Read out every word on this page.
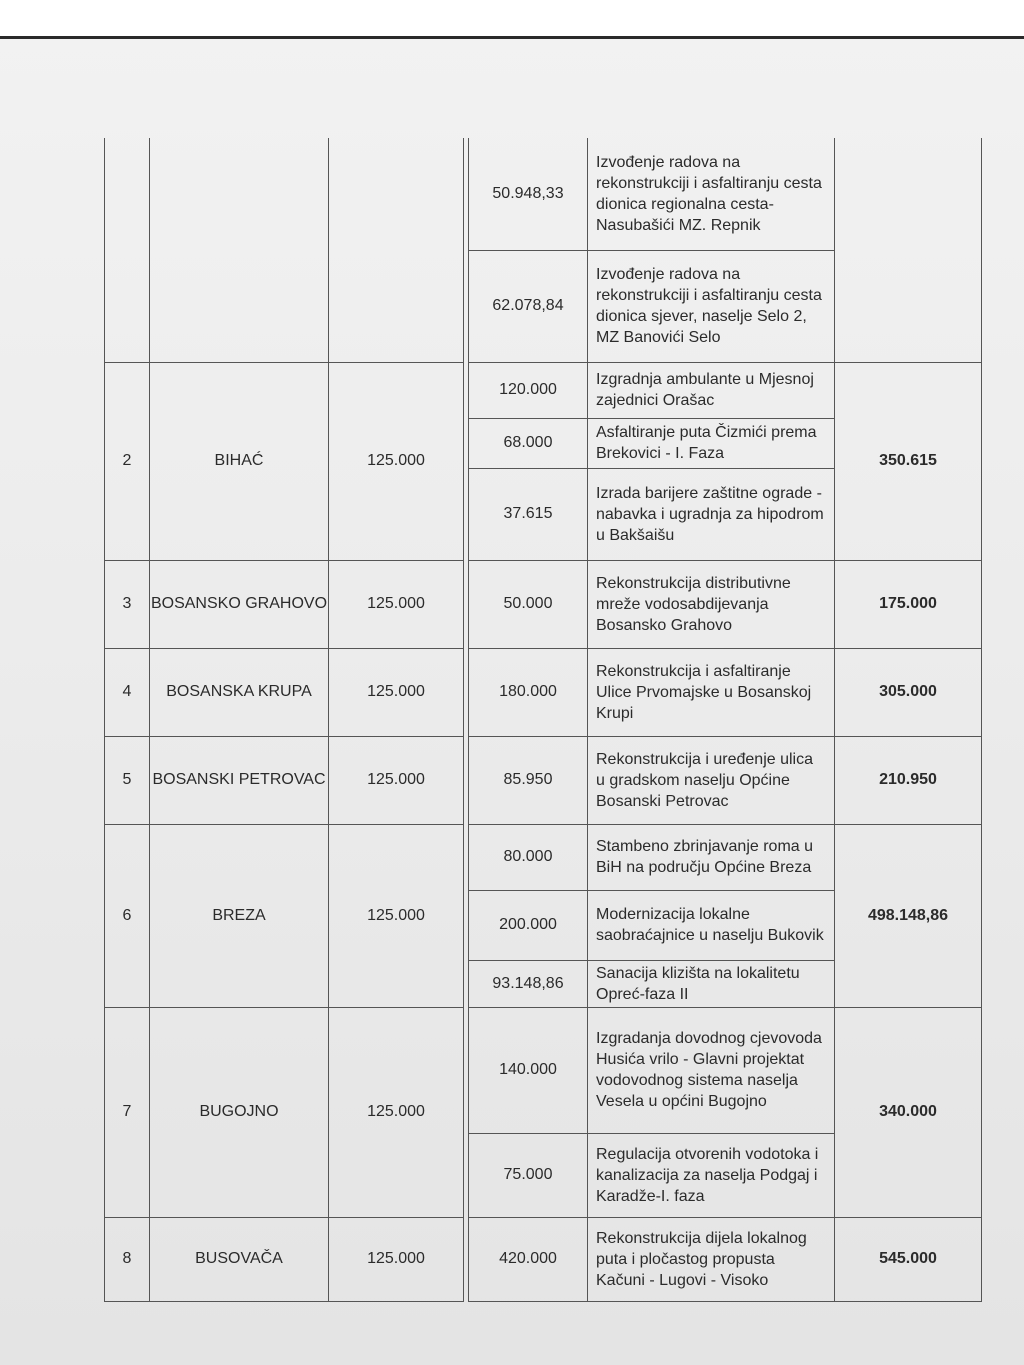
				50.948,33	Izvođenje radova na rekonstrukciji i asfaltiranju cesta dionica regionalna cesta-Nasubašići MZ. Repnik	
				62.078,84	Izvođenje radova na rekonstrukciji i asfaltiranju cesta dionica sjever, naselje Selo 2, MZ Banovići Selo	
2	BIHAĆ	125.000		120.000	Izgradnja ambulante u Mjesnoj zajednici Orašac	350.615
				68.000	Asfaltiranje puta Čizmići prema Brekovici - I. Faza	
				37.615	Izrada barijere zaštitne ograde - nabavka i ugradnja za hipodrom u Bakšaišu	
3	BOSANSKO GRAHOVO	125.000		50.000	Rekonstrukcija distributivne mreže vodosabdijevanja Bosansko Grahovo	175.000
4	BOSANSKA KRUPA	125.000		180.000	Rekonstrukcija i asfaltiranje Ulice Prvomajske u Bosanskoj Krupi	305.000
5	BOSANSKI PETROVAC	125.000		85.950	Rekonstrukcija i uređenje ulica u gradskom naselju Općine Bosanski Petrovac	210.950
6	BREZA	125.000		80.000	Stambeno zbrinjavanje roma u BiH na području Općine Breza	498.148,86
				200.000	Modernizacija lokalne saobraćajnice u naselju Bukovik	
				93.148,86	Sanacija klizišta na lokalitetu Opreć-faza II	
7	BUGOJNO	125.000		140.000	Izgradanja dovodnog cjevovoda Husića vrilo - Glavni projektat vodovodnog sistema naselja Vesela u općini Bugojno	340.000
				75.000	Regulacija otvorenih vodotoka i kanalizacija za naselja Podgaj i Karadže-I. faza	
8	BUSOVAČA	125.000		420.000	Rekonstrukcija dijela lokalnog puta i pločastog propusta Kačuni - Lugovi - Visoko	545.000
